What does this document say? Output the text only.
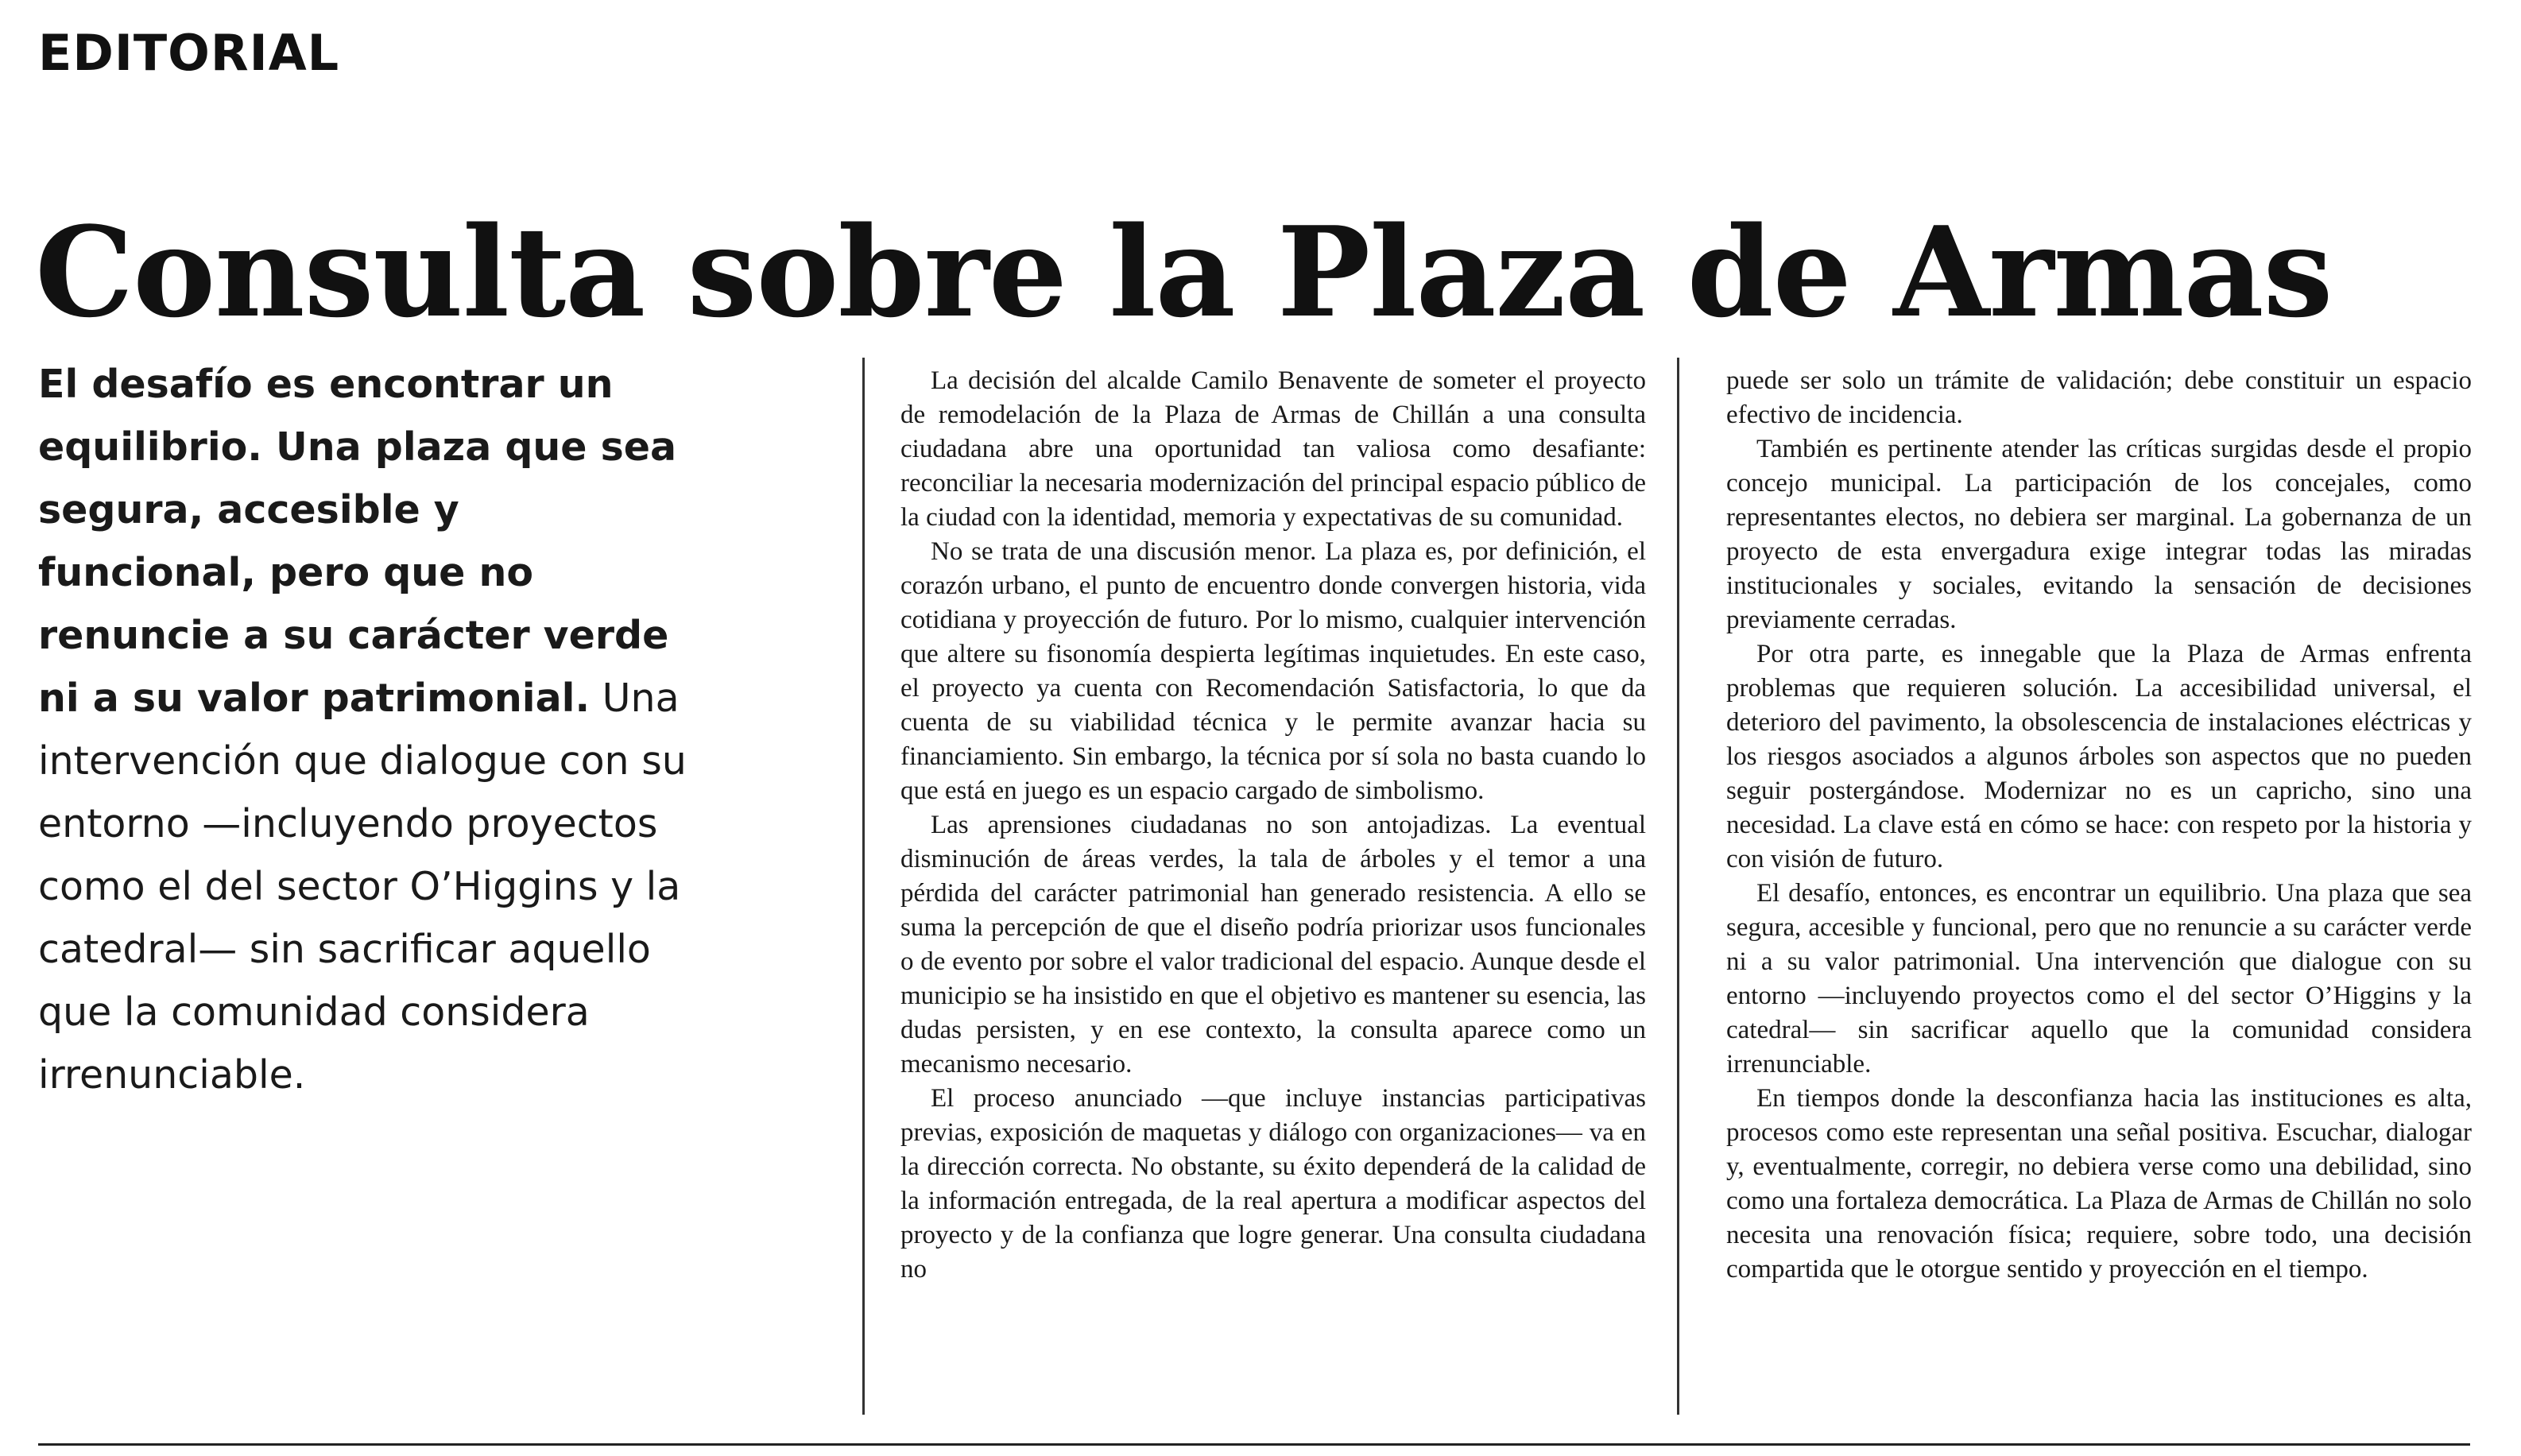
EDITORIAL
Consulta sobre la Plaza de Armas
El desafío es encontrar un equilibrio. Una plaza que sea segura, accesible y funcional, pero que no renuncie a su carácter verde ni a su valor patrimonial. Una intervención que dialogue con su entorno —incluyendo proyectos como el del sector O’Higgins y la catedral— sin sacrificar aquello que la comunidad considera irrenunciable.

La decisión del alcalde Camilo Benavente de someter el proyecto de remodelación de la Plaza de Armas de Chillán a una consulta ciudadana abre una oportunidad tan valiosa como desafiante: reconciliar la necesaria modernización del principal espacio público de la ciudad con la identidad, memoria y expectativas de su comunidad.

No se trata de una discusión menor. La plaza es, por definición, el corazón urbano, el punto de encuentro donde convergen historia, vida cotidiana y proyección de futuro. Por lo mismo, cualquier intervención que altere su fisonomía despierta legítimas inquietudes. En este caso, el proyecto ya cuenta con Recomendación Satisfactoria, lo que da cuenta de su viabilidad técnica y le permite avanzar hacia su financiamiento. Sin embargo, la técnica por sí sola no basta cuando lo que está en juego es un espacio cargado de simbolismo.

Las aprensiones ciudadanas no son antojadizas. La eventual disminución de áreas verdes, la tala de árboles y el temor a una pérdida del carácter patrimonial han generado resistencia. A ello se suma la percepción de que el diseño podría priorizar usos funcionales o de evento por sobre el valor tradicional del espacio. Aunque desde el municipio se ha insistido en que el objetivo es mantener su esencia, las dudas persisten, y en ese contexto, la consulta aparece como un mecanismo necesario.

El proceso anunciado —que incluye instancias participativas previas, exposición de maquetas y diálogo con organizaciones— va en la dirección correcta. No obstante, su éxito dependerá de la calidad de la información entregada, de la real apertura a modificar aspectos del proyecto y de la confianza que logre generar. Una consulta ciudadana no

puede ser solo un trámite de validación; debe constituir un espacio efectivo de incidencia.

También es pertinente atender las críticas surgidas desde el propio concejo municipal. La participación de los concejales, como representantes electos, no debiera ser marginal. La gobernanza de un proyecto de esta envergadura exige integrar todas las miradas institucionales y sociales, evitando la sensación de decisiones previamente cerradas.

Por otra parte, es innegable que la Plaza de Armas enfrenta problemas que requieren solución. La accesibilidad universal, el deterioro del pavimento, la obsolescencia de instalaciones eléctricas y los riesgos asociados a algunos árboles son aspectos que no pueden seguir postergándose. Modernizar no es un capricho, sino una necesidad. La clave está en cómo se hace: con respeto por la historia y con visión de futuro.

El desafío, entonces, es encontrar un equilibrio. Una plaza que sea segura, accesible y funcional, pero que no renuncie a su carácter verde ni a su valor patrimonial. Una intervención que dialogue con su entorno —incluyendo proyectos como el del sector O’Higgins y la catedral— sin sacrificar aquello que la comunidad considera irrenunciable.

En tiempos donde la desconfianza hacia las instituciones es alta, procesos como este representan una señal positiva. Escuchar, dialogar y, eventualmente, corregir, no debiera verse como una debilidad, sino como una fortaleza democrática. La Plaza de Armas de Chillán no solo necesita una renovación física; requiere, sobre todo, una decisión compartida que le otorgue sentido y proyección en el tiempo.
